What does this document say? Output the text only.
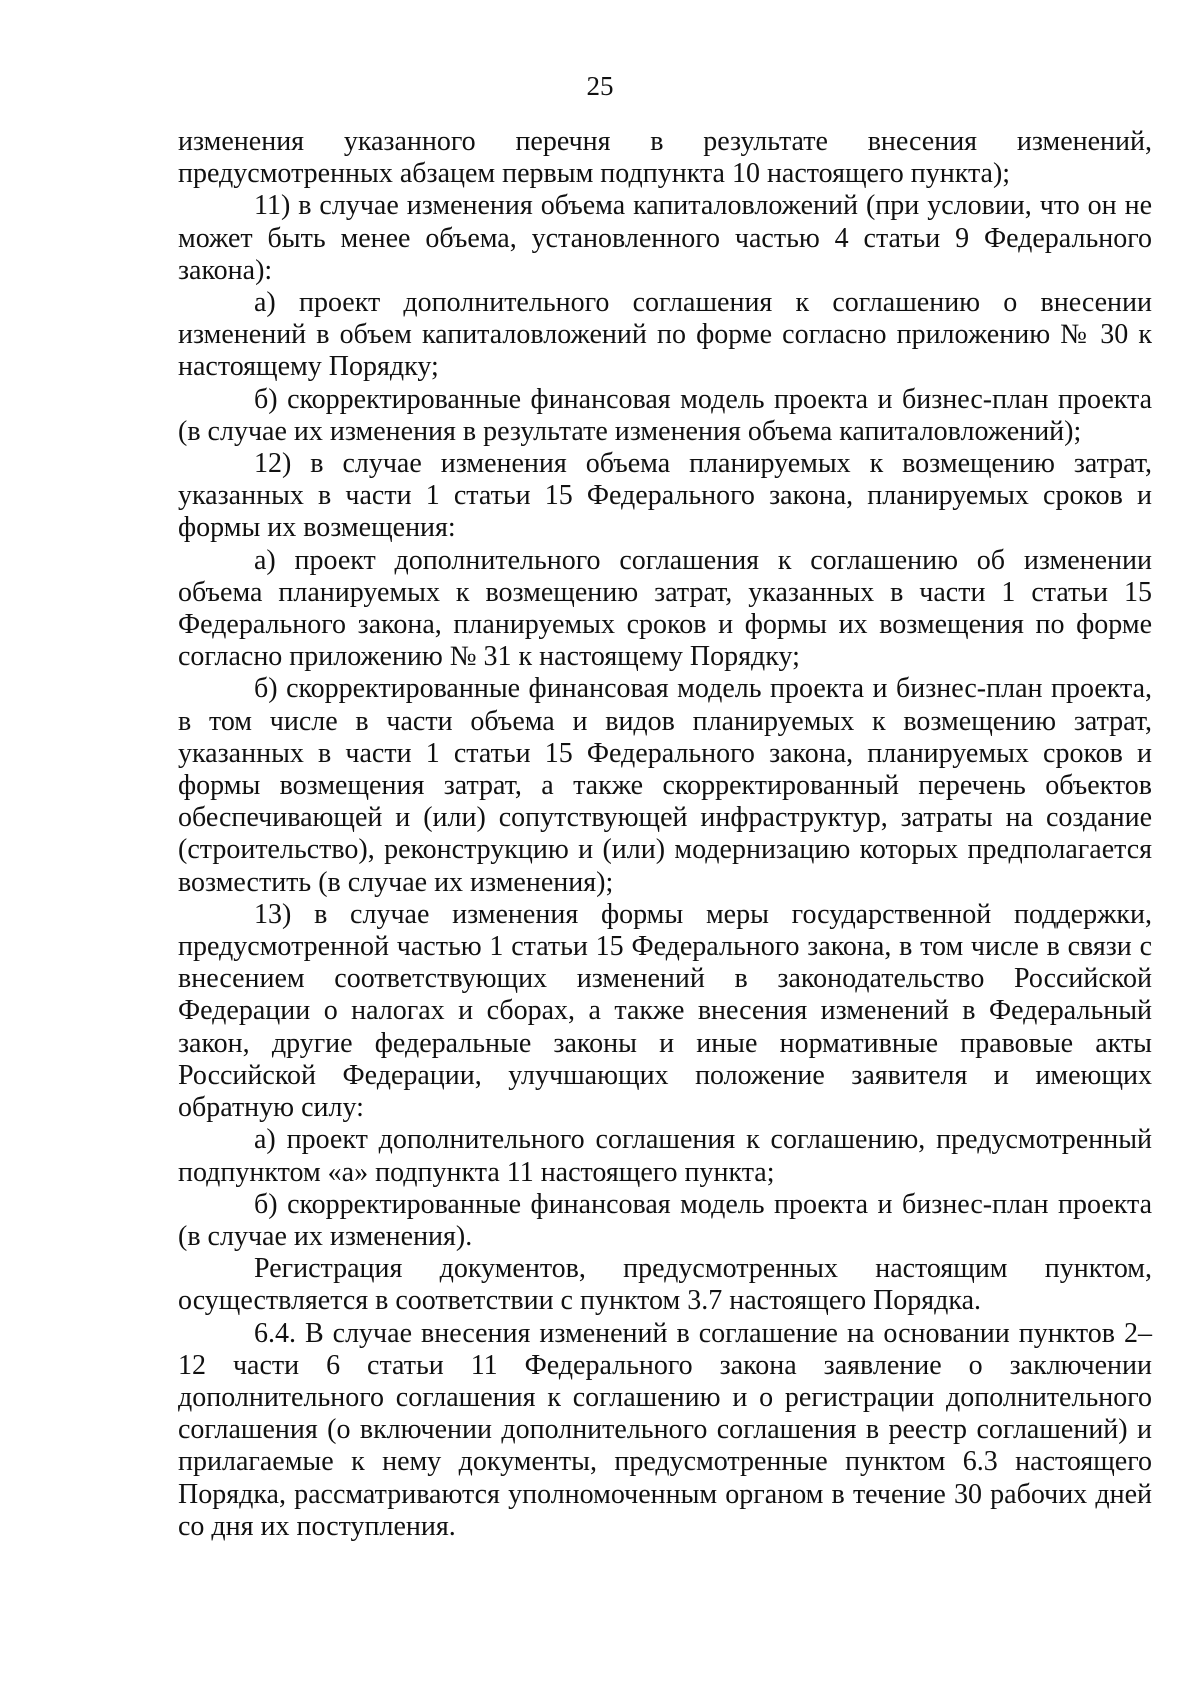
25

изменения указанного перечня в результате внесения изменений, предусмотренных абзацем первым подпункта 10 настоящего пункта);

11) в случае изменения объема капиталовложений (при условии, что он не может быть менее объема, установленного частью 4 статьи 9 Федерального закона):

а) проект дополнительного соглашения к соглашению о внесении изменений в объем капиталовложений по форме согласно приложению № 30 к настоящему Порядку;

б) скорректированные финансовая модель проекта и бизнес-план проекта (в случае их изменения в результате изменения объема капиталовложений);

12) в случае изменения объема планируемых к возмещению затрат, указанных в части 1 статьи 15 Федерального закона, планируемых сроков и формы их возмещения:

а) проект дополнительного соглашения к соглашению об изменении объема планируемых к возмещению затрат, указанных в части 1 статьи 15 Федерального закона, планируемых сроков и формы их возмещения по форме согласно приложению № 31 к настоящему Порядку;

б) скорректированные финансовая модель проекта и бизнес-план проекта, в том числе в части объема и видов планируемых к возмещению затрат, указанных в части 1 статьи 15 Федерального закона, планируемых сроков и формы возмещения затрат, а также скорректированный перечень объектов обеспечивающей и (или) сопутствующей инфраструктур, затраты на создание (строительство), реконструкцию и (или) модернизацию которых предполагается возместить (в случае их изменения);

13) в случае изменения формы меры государственной поддержки, предусмотренной частью 1 статьи 15 Федерального закона, в том числе в связи с внесением соответствующих изменений в законодательство Российской Федерации о налогах и сборах, а также внесения изменений в Федеральный закон, другие федеральные законы и иные нормативные правовые акты Российской Федерации, улучшающих положение заявителя и имеющих обратную силу:

а) проект дополнительного соглашения к соглашению, предусмотренный подпунктом «а» подпункта 11 настоящего пункта;

б) скорректированные финансовая модель проекта и бизнес-план проекта (в случае их изменения).

Регистрация документов, предусмотренных настоящим пунктом, осуществляется в соответствии с пунктом 3.7 настоящего Порядка.

6.4. В случае внесения изменений в соглашение на основании пунктов 2–12 части 6 статьи 11 Федерального закона заявление о заключении дополнительного соглашения к соглашению и о регистрации дополнительного соглашения (о включении дополнительного соглашения в реестр соглашений) и прилагаемые к нему документы, предусмотренные пунктом 6.3 настоящего Порядка, рассматриваются уполномоченным органом в течение 30 рабочих дней со дня их поступления.
